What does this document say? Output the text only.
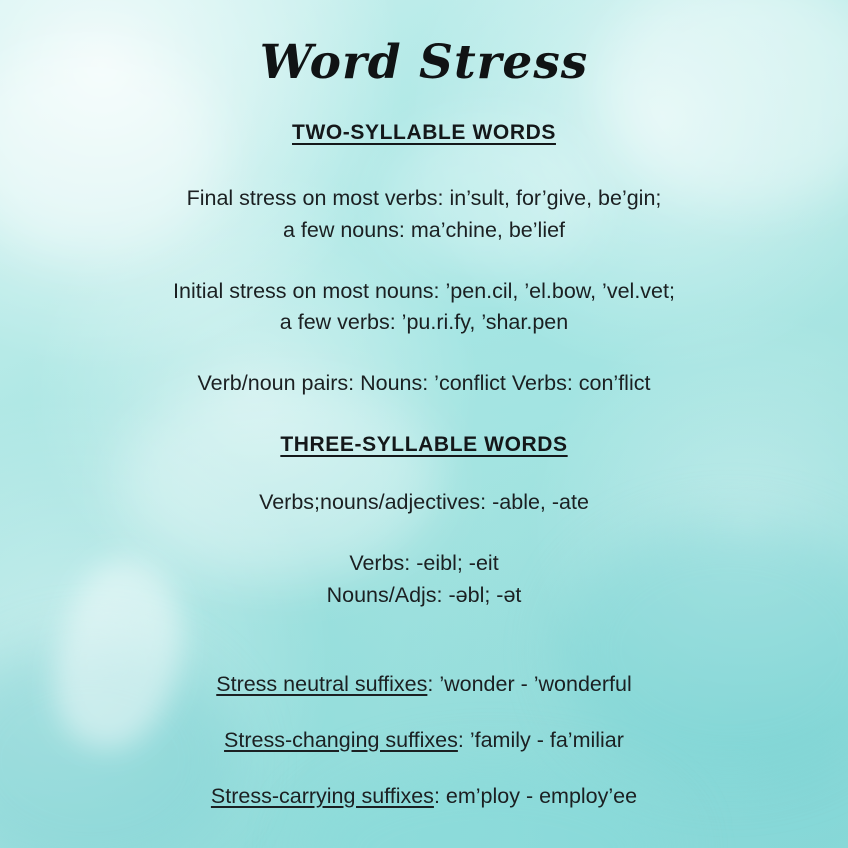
Word Stress
TWO-SYLLABLE WORDS

Final stress on most verbs: in’sult, for’give, be’gin;
a few nouns: ma’chine, be’lief

Initial stress on most nouns: ’pen.cil, ’el.bow, ’vel.vet;
a few verbs: ’pu.ri.fy, ’shar.pen

Verb/noun pairs: Nouns: ’conflict Verbs: con’flict

THREE-SYLLABLE WORDS

Verbs;nouns/adjectives: -able, -ate

Verbs: -eibl; -eit
Nouns/Adjs: -əbl; -ət

Stress neutral suffixes: ’wonder - ’wonderful

Stress-changing suffixes: ’family - fa’miliar

Stress-carrying suffixes: em’ploy - employ’ee
